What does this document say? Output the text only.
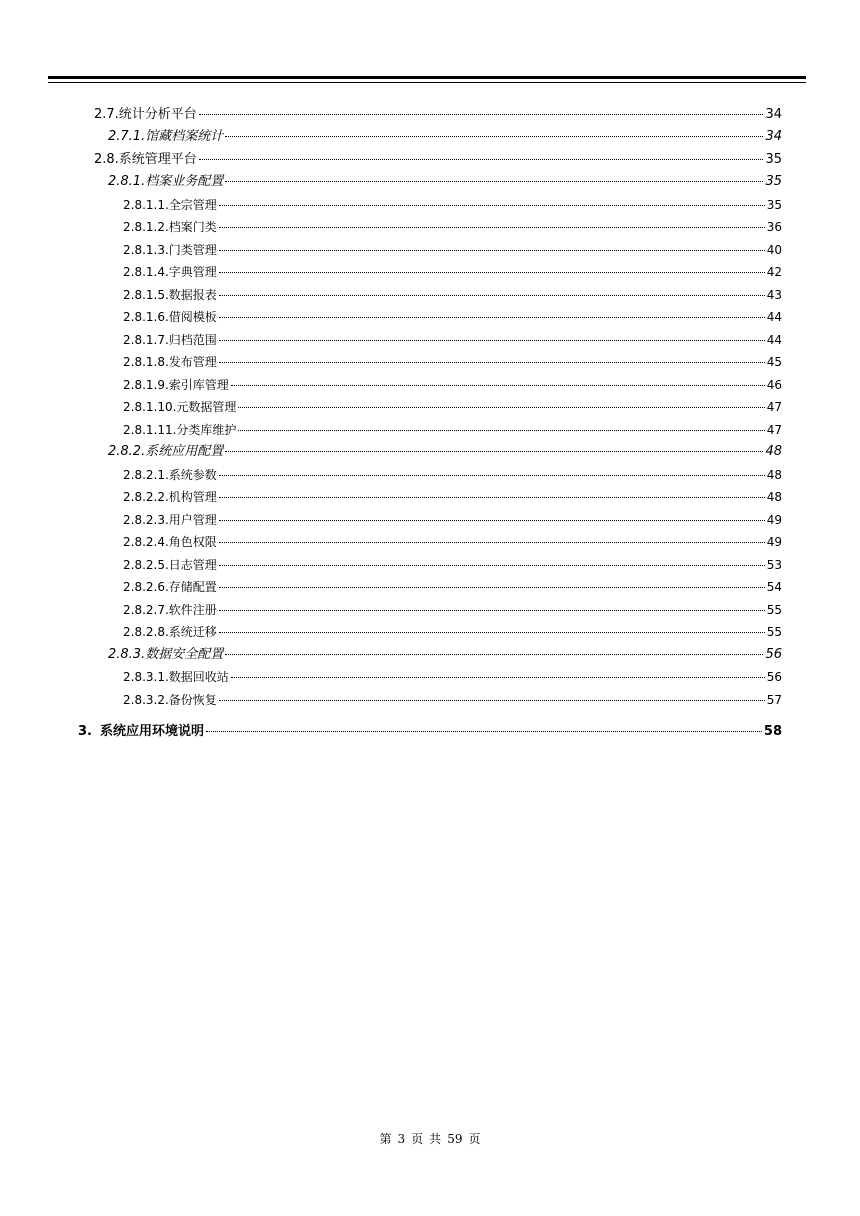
2.7.统计分析平台	34
2.7.1.馆藏档案统计	34
2.8.系统管理平台	35
2.8.1.档案业务配置	35
2.8.1.1.全宗管理	35
2.8.1.2.档案门类	36
2.8.1.3.门类管理	40
2.8.1.4.字典管理	42
2.8.1.5.数据报表	43
2.8.1.6.借阅模板	44
2.8.1.7.归档范围	44
2.8.1.8.发布管理	45
2.8.1.9.索引库管理	46
2.8.1.10.元数据管理	47
2.8.1.11.分类库维护	47
2.8.2.系统应用配置	48
2.8.2.1.系统参数	48
2.8.2.2.机构管理	48
2.8.2.3.用户管理	49
2.8.2.4.角色权限	49
2.8.2.5.日志管理	53
2.8.2.6.存储配置	54
2.8.2.7.软件注册	55
2.8.2.8.系统迁移	55
2.8.3.数据安全配置	56
2.8.3.1.数据回收站	56
2.8.3.2.备份恢复	57
3. 系统应用环境说明	58
第 3 页 共 59 页
